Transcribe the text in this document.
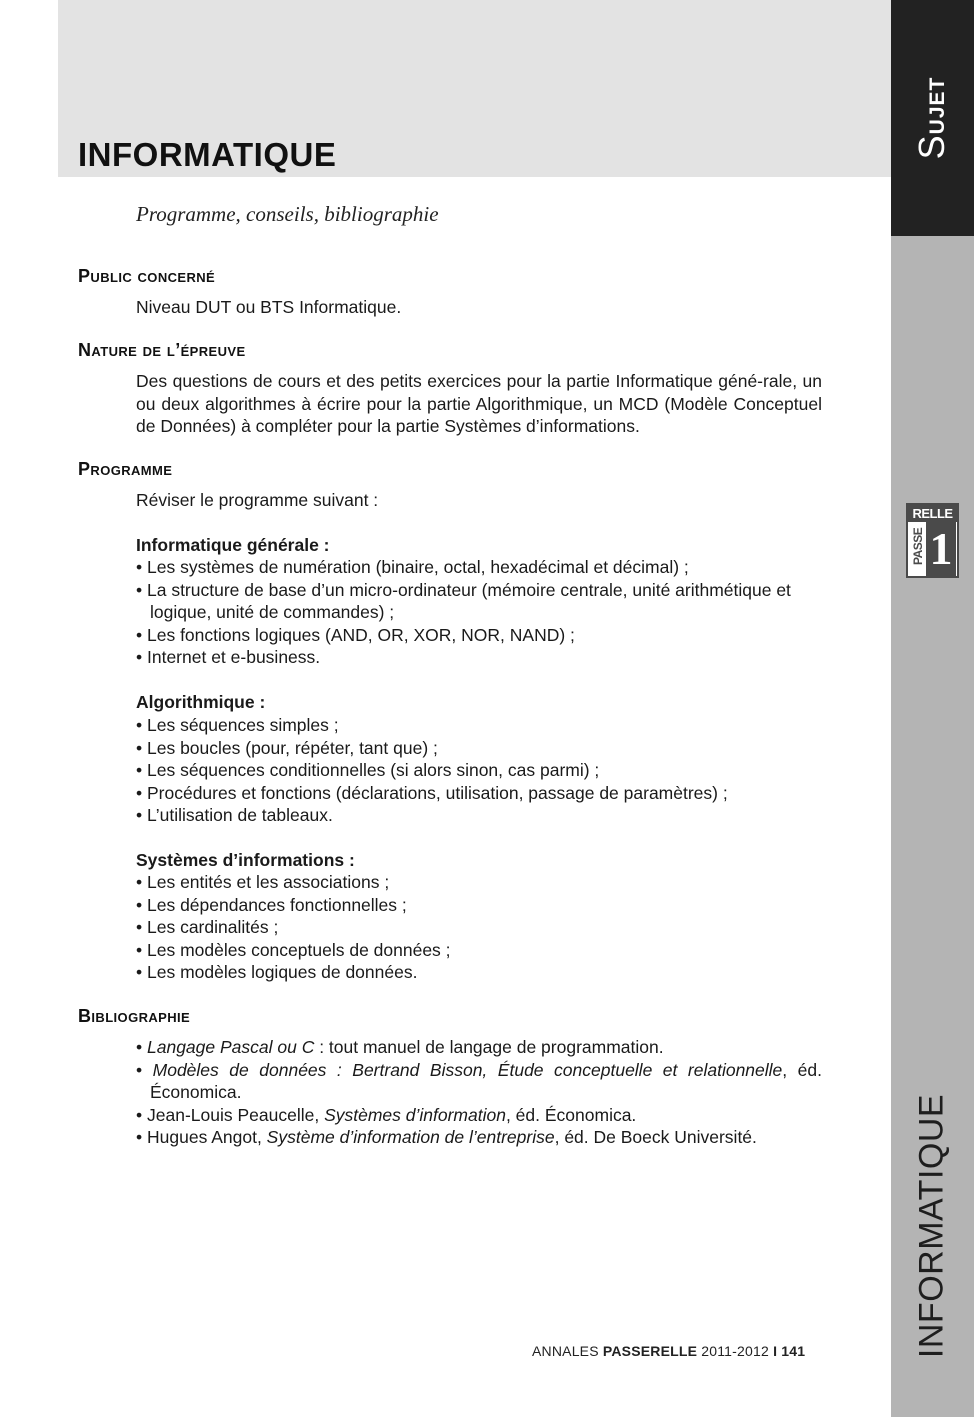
Sujet
INFORMATIQUE
RELLE
PASSE 1
INFORMATIQUE
Programme, conseils, bibliographie
Public concerné

Niveau DUT ou BTS Informatique.

Nature de l’épreuve

Des questions de cours et des petits exercices pour la partie Informatique géné-rale, un ou deux algorithmes à écrire pour la partie Algorithmique, un MCD (Modèle Conceptuel de Données) à compléter pour la partie Systèmes d’informations.

Programme

Réviser le programme suivant :

Informatique générale :

• Les systèmes de numération (binaire, octal, hexadécimal et décimal) ;
• La structure de base d’un micro-ordinateur (mémoire centrale, unité arithmétique et logique, unité de commandes) ;
• Les fonctions logiques (AND, OR, XOR, NOR, NAND) ;
• Internet et e-business.

Algorithmique :

• Les séquences simples ;
• Les boucles (pour, répéter, tant que) ;
• Les séquences conditionnelles (si alors sinon, cas parmi) ;
• Procédures et fonctions (déclarations, utilisation, passage de paramètres) ;
• L’utilisation de tableaux.

Systèmes d’informations :

• Les entités et les associations ;
• Les dépendances fonctionnelles ;
• Les cardinalités ;
• Les modèles conceptuels de données ;
• Les modèles logiques de données.
Bibliographie
• Langage Pascal ou C : tout manuel de langage de programmation.
• Modèles de données : Bertrand Bisson, Étude conceptuelle et relationnelle, éd. Économica.
• Jean-Louis Peaucelle, Systèmes d’information, éd. Économica.
• Hugues Angot, Système d’information de l’entreprise, éd. De Boeck Université.
ANNALES PASSERELLE 2011-2012 I 141
